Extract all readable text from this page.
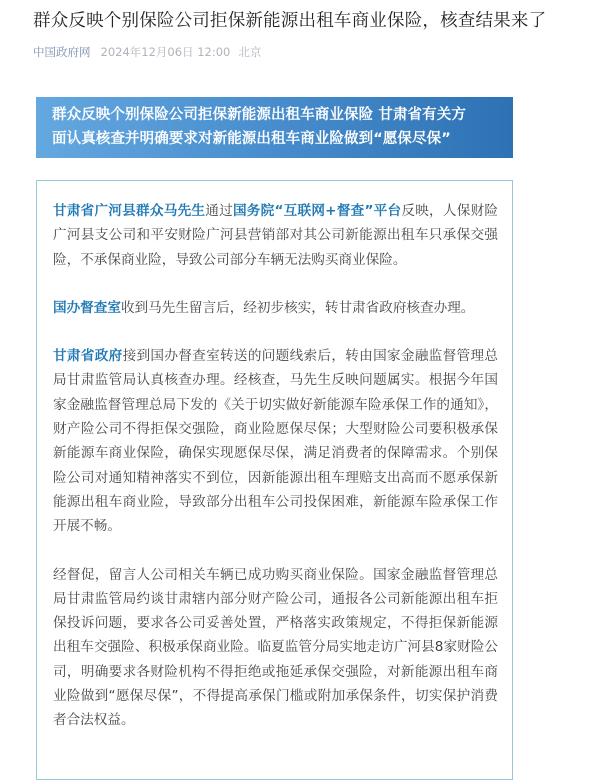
群众反映个别保险公司拒保新能源出租车商业保险，核查结果来了
中国政府网 2024年12月06日 12:00 北京
群众反映个别保险公司拒保新能源出租车商业保险 甘肃省有关方
面认真核查并明确要求对新能源出租车商业险做到“愿保尽保”

甘肃省广河县群众马先生通过国务院“互联网+督查”平台反映，人保财险广河县支公司和平安财险广河县营销部对其公司新能源出租车只承保交强险，不承保商业险，导致公司部分车辆无法购买商业保险。

国办督查室收到马先生留言后，经初步核实，转甘肃省政府核查办理。

甘肃省政府接到国办督查室转送的问题线索后，转由国家金融监督管理总局甘肃监管局认真核查办理。经核查，马先生反映问题属实。根据今年国家金融监督管理总局下发的《关于切实做好新能源车险承保工作的通知》，财产险公司不得拒保交强险，商业险愿保尽保；大型财险公司要积极承保新能源车商业保险，确保实现愿保尽保，满足消费者的保障需求。个别保险公司对通知精神落实不到位，因新能源出租车理赔支出高而不愿承保新能源出租车商业险，导致部分出租车公司投保困难，新能源车险承保工作开展不畅。

经督促，留言人公司相关车辆已成功购买商业保险。国家金融监督管理总局甘肃监管局约谈甘肃辖内部分财产险公司，通报各公司新能源出租车拒保投诉问题，要求各公司妥善处置，严格落实政策规定，不得拒保新能源出租车交强险、积极承保商业险。临夏监管分局实地走访广河县8家财险公司，明确要求各财险机构不得拒绝或拖延承保交强险，对新能源出租车商业险做到“愿保尽保”，不得提高承保门槛或附加承保条件，切实保护消费者合法权益。
